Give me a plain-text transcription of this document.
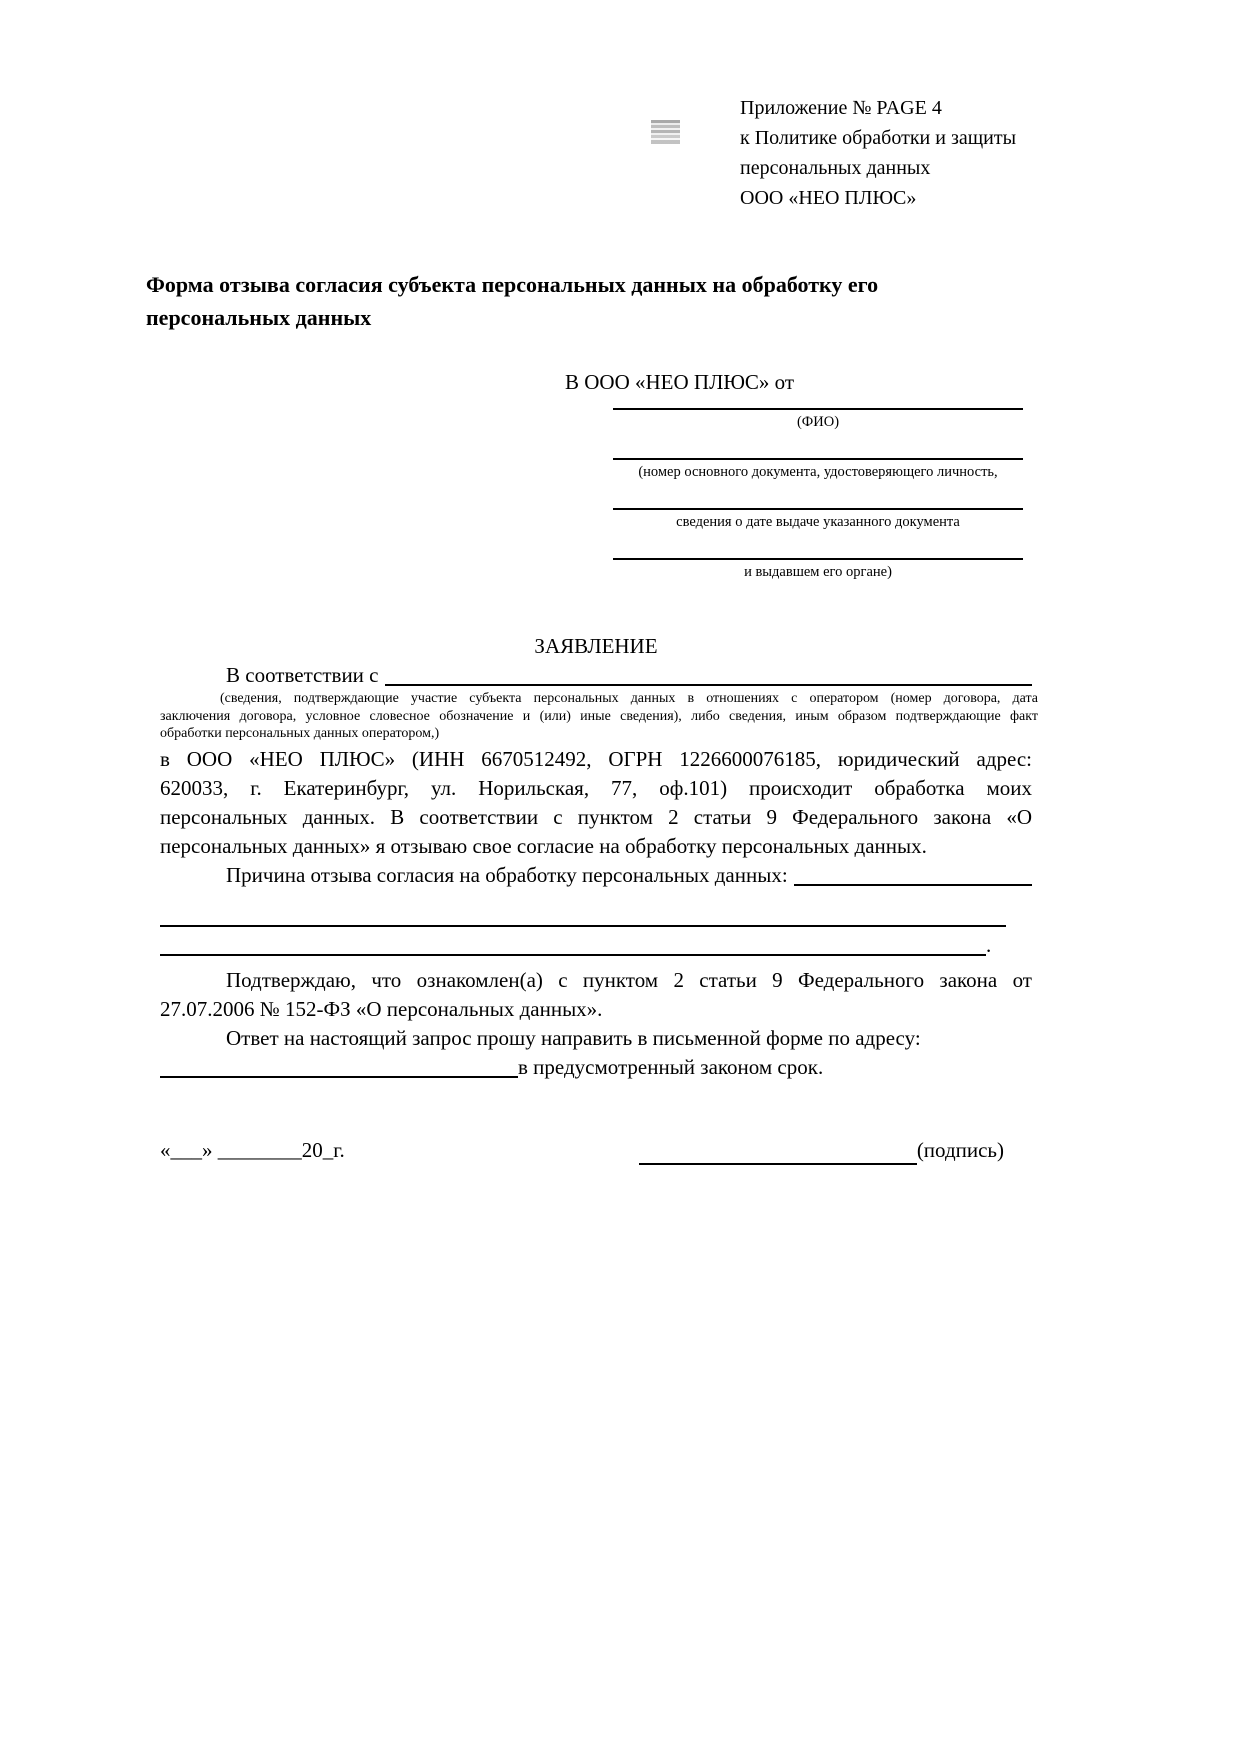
Приложение № PAGE 4
к Политике обработки и защиты
персональных данных
ООО «НЕО ПЛЮС»
Форма отзыва согласия субъекта персональных данных на обработку его
персональных данных
В ООО «НЕО ПЛЮС» от
(ФИО)
(номер основного документа, удостоверяющего личность,
сведения о дате выдаче указанного документа
и выдавшем его органе)
ЗАЯВЛЕНИЕ
В соответствии с
(сведения, подтверждающие участие субъекта персональных данных в отношениях с оператором (номер договора, дата
заключения договора, условное словесное обозначение и (или) иные сведения), либо сведения, иным образом подтверждающие факт
обработки персональных данных оператором,)
в ООО «НЕО ПЛЮС» (ИНН 6670512492, ОГРН 1226600076185, юридический адрес:
620033, г. Екатеринбург, ул. Норильская, 77, оф.101) происходит обработка моих
персональных данных. В соответствии с пунктом 2 статьи 9 Федерального закона «О
персональных данных» я отзываю свое согласие на обработку персональных данных.
Причина отзыва согласия на обработку персональных данных:
.
Подтверждаю, что ознакомлен(а) с пунктом 2 статьи 9 Федерального закона от
27.07.2006 № 152-ФЗ «О персональных данных».
Ответ на настоящий запрос прошу направить в письменной форме по адресу:
в предусмотренный законом срок.
«___» ________20_г.	(подпись)
